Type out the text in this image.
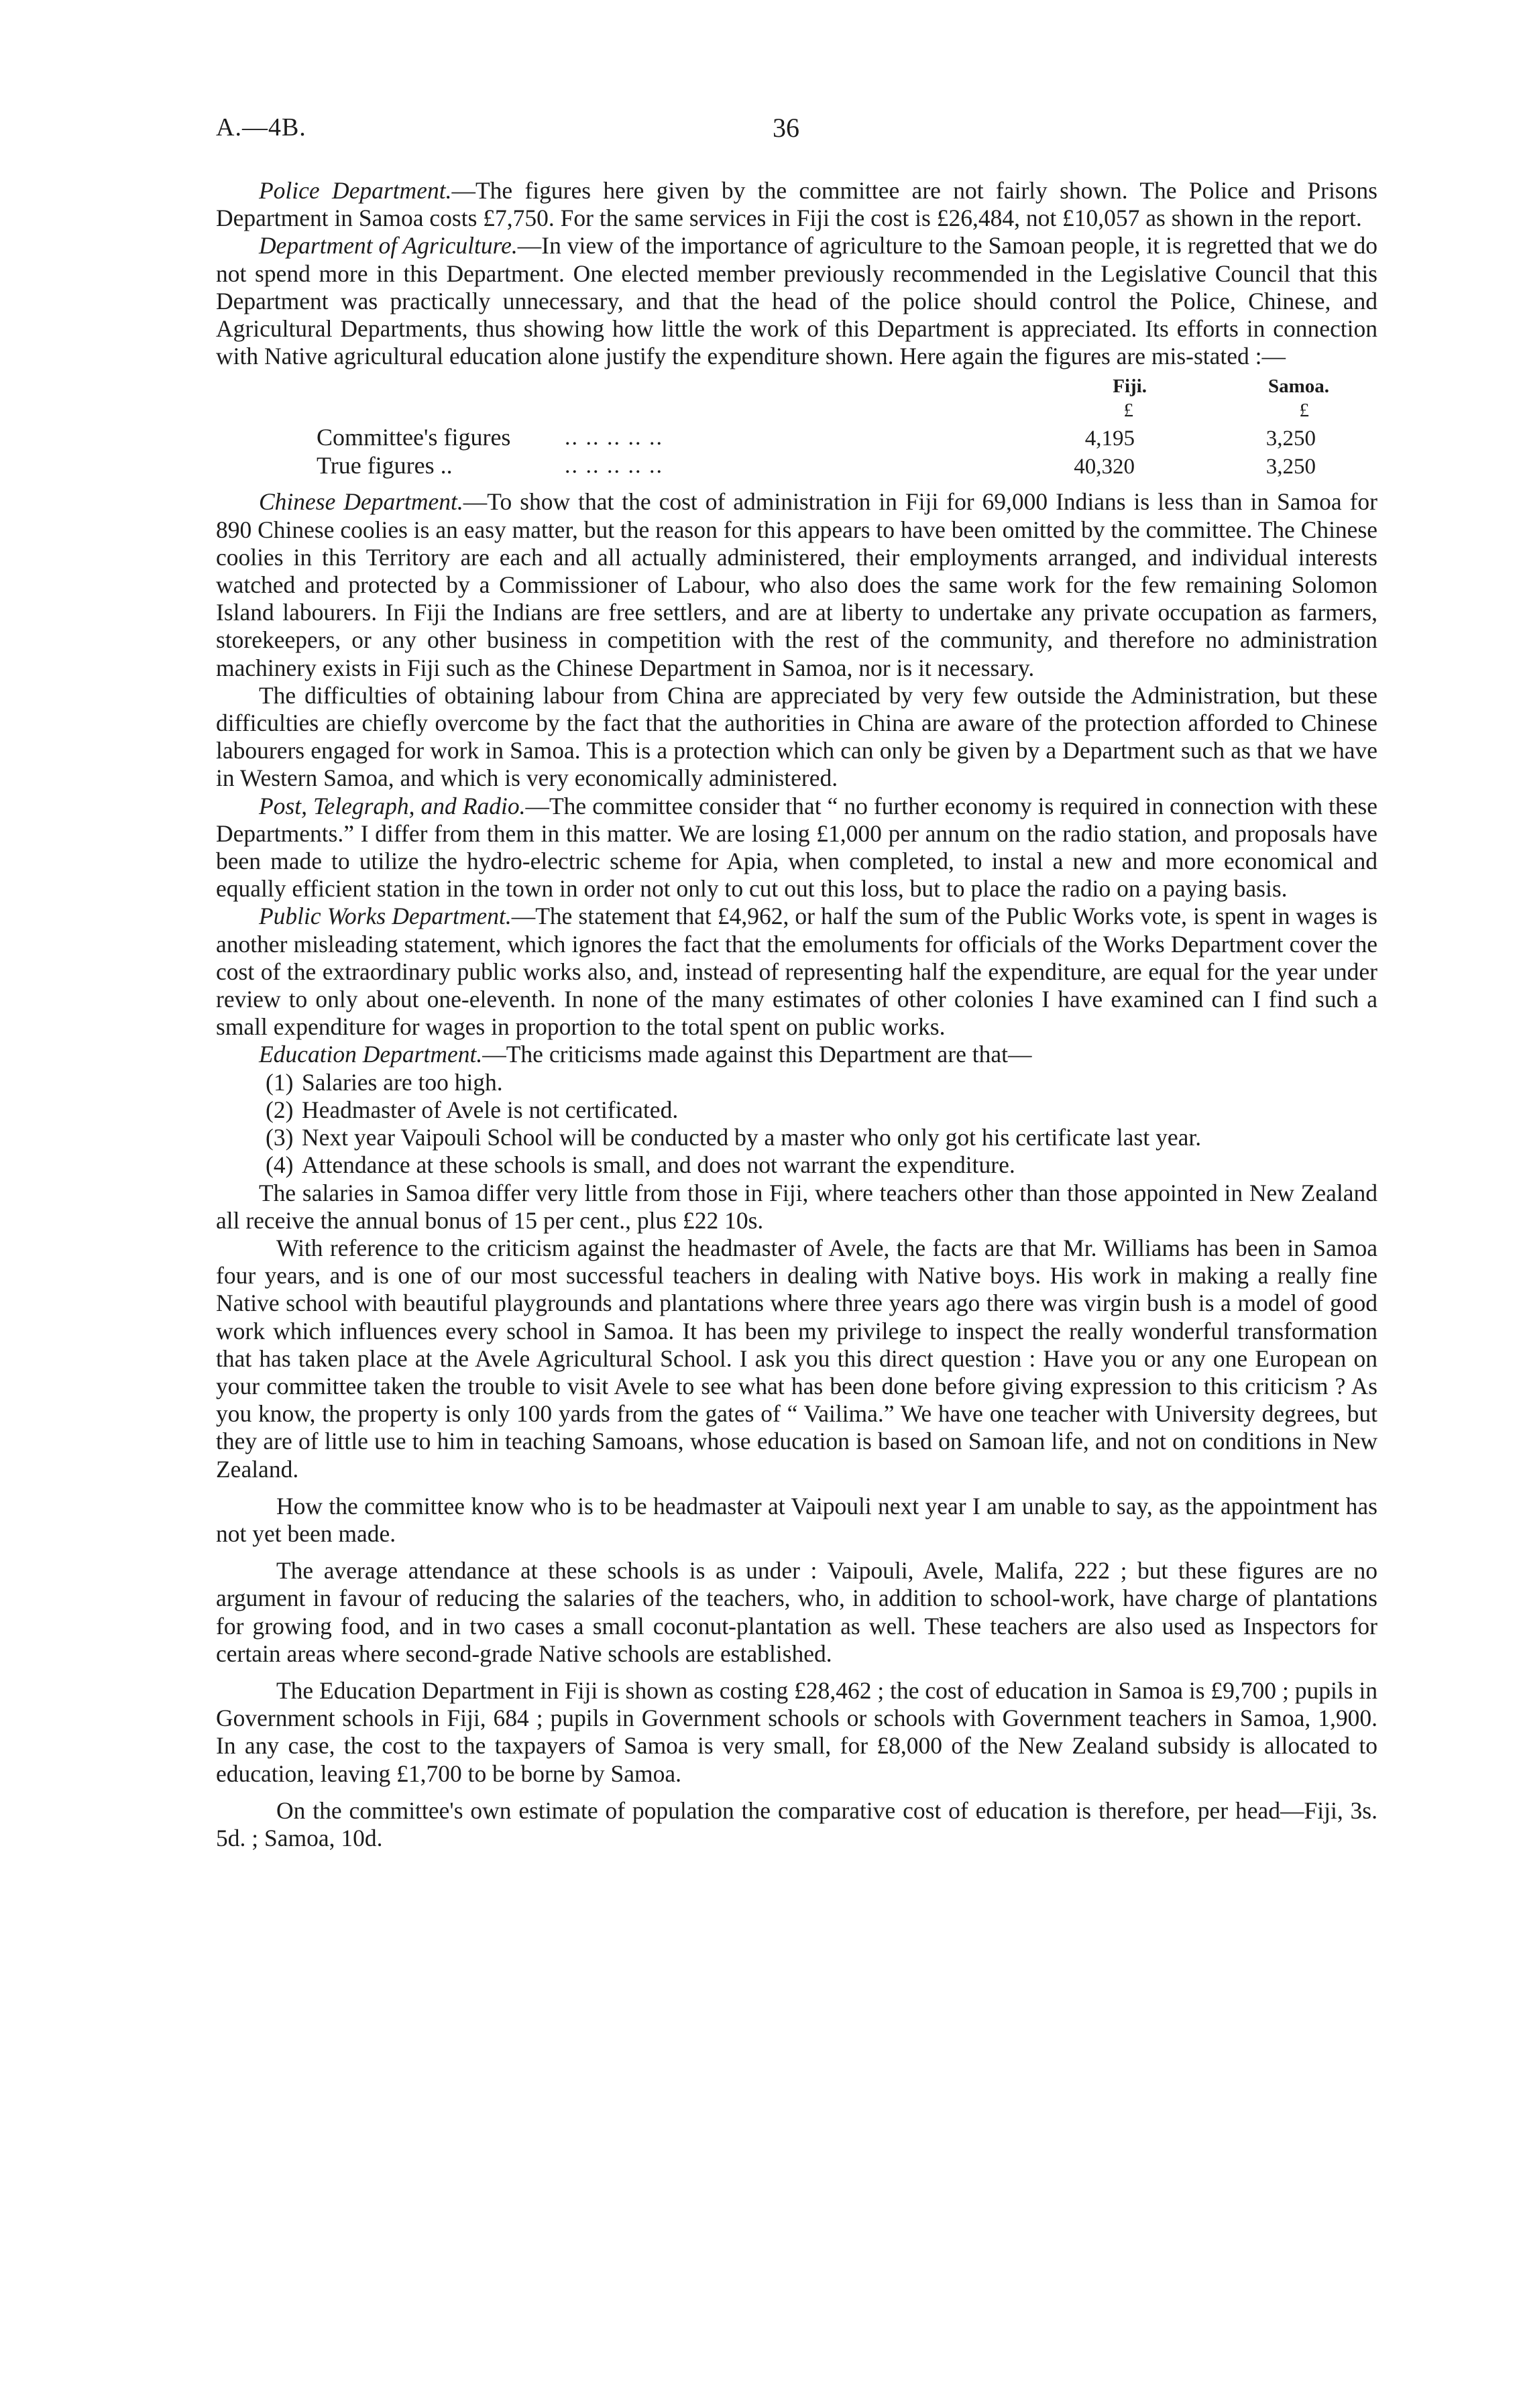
A.—4B.	36

Police Department.—The figures here given by the committee are not fairly shown. The Police and Prisons Department in Samoa costs £7,750. For the same services in Fiji the cost is £26,484, not £10,057 as shown in the report.

Department of Agriculture.—In view of the importance of agriculture to the Samoan people, it is regretted that we do not spend more in this Department. One elected member previously recommended in the Legislative Council that this Department was practically unnecessary, and that the head of the police should control the Police, Chinese, and Agricultural Departments, thus showing how little the work of this Department is appreciated. Its efforts in connection with Native agricultural education alone justify the expenditure shown. Here again the figures are mis-stated :—

Fiji.	Samoa.
£	£
Committee's figures .. .. .. .. ..	4,195	3,250
True figures ..	.. .. .. .. ..	40,320	3,250

Chinese Department.—To show that the cost of administration in Fiji for 69,000 Indians is less than in Samoa for 890 Chinese coolies is an easy matter, but the reason for this appears to have been omitted by the committee. The Chinese coolies in this Territory are each and all actually administered, their employments arranged, and individual interests watched and protected by a Commissioner of Labour, who also does the same work for the few remaining Solomon Island labourers. In Fiji the Indians are free settlers, and are at liberty to undertake any private occupation as farmers, storekeepers, or any other business in competition with the rest of the community, and therefore no administration machinery exists in Fiji such as the Chinese Department in Samoa, nor is it necessary.

The difficulties of obtaining labour from China are appreciated by very few outside the Administration, but these difficulties are chiefly overcome by the fact that the authorities in China are aware of the protection afforded to Chinese labourers engaged for work in Samoa. This is a protection which can only be given by a Department such as that we have in Western Samoa, and which is very economically administered.

Post, Telegraph, and Radio.—The committee consider that “ no further economy is required in connection with these Departments.” I differ from them in this matter. We are losing £1,000 per annum on the radio station, and proposals have been made to utilize the hydro-electric scheme for Apia, when completed, to instal a new and more economical and equally efficient station in the town in order not only to cut out this loss, but to place the radio on a paying basis.

Public Works Department.—The statement that £4,962, or half the sum of the Public Works vote, is spent in wages is another misleading statement, which ignores the fact that the emoluments for officials of the Works Department cover the cost of the extraordinary public works also, and, instead of representing half the expenditure, are equal for the year under review to only about one-eleventh. In none of the many estimates of other colonies I have examined can I find such a small expenditure for wages in proportion to the total spent on public works.

Education Department.—The criticisms made against this Department are that—

(1) Salaries are too high.
(2) Headmaster of Avele is not certificated.
(3) Next year Vaipouli School will be conducted by a master who only got his certificate last year.
(4) Attendance at these schools is small, and does not warrant the expenditure.

The salaries in Samoa differ very little from those in Fiji, where teachers other than those appointed in New Zealand all receive the annual bonus of 15 per cent., plus £22 10s.

With reference to the criticism against the headmaster of Avele, the facts are that Mr. Williams has been in Samoa four years, and is one of our most successful teachers in dealing with Native boys. His work in making a really fine Native school with beautiful playgrounds and plantations where three years ago there was virgin bush is a model of good work which influences every school in Samoa. It has been my privilege to inspect the really wonderful transformation that has taken place at the Avele Agricultural School. I ask you this direct question : Have you or any one European on your committee taken the trouble to visit Avele to see what has been done before giving expression to this criticism ? As you know, the property is only 100 yards from the gates of “ Vailima.” We have one teacher with University degrees, but they are of little use to him in teaching Samoans, whose education is based on Samoan life, and not on conditions in New Zealand.

How the committee know who is to be headmaster at Vaipouli next year I am unable to say, as the appointment has not yet been made.

The average attendance at these schools is as under : Vaipouli, Avele, Malifa, 222 ; but these figures are no argument in favour of reducing the salaries of the teachers, who, in addition to school-work, have charge of plantations for growing food, and in two cases a small coconut-plantation as well. These teachers are also used as Inspectors for certain areas where second-grade Native schools are established.

The Education Department in Fiji is shown as costing £28,462 ; the cost of education in Samoa is £9,700 ; pupils in Government schools in Fiji, 684 ; pupils in Government schools or schools with Government teachers in Samoa, 1,900. In any case, the cost to the taxpayers of Samoa is very small, for £8,000 of the New Zealand subsidy is allocated to education, leaving £1,700 to be borne by Samoa.

On the committee's own estimate of population the comparative cost of education is therefore, per head—Fiji, 3s. 5d. ; Samoa, 10d.
